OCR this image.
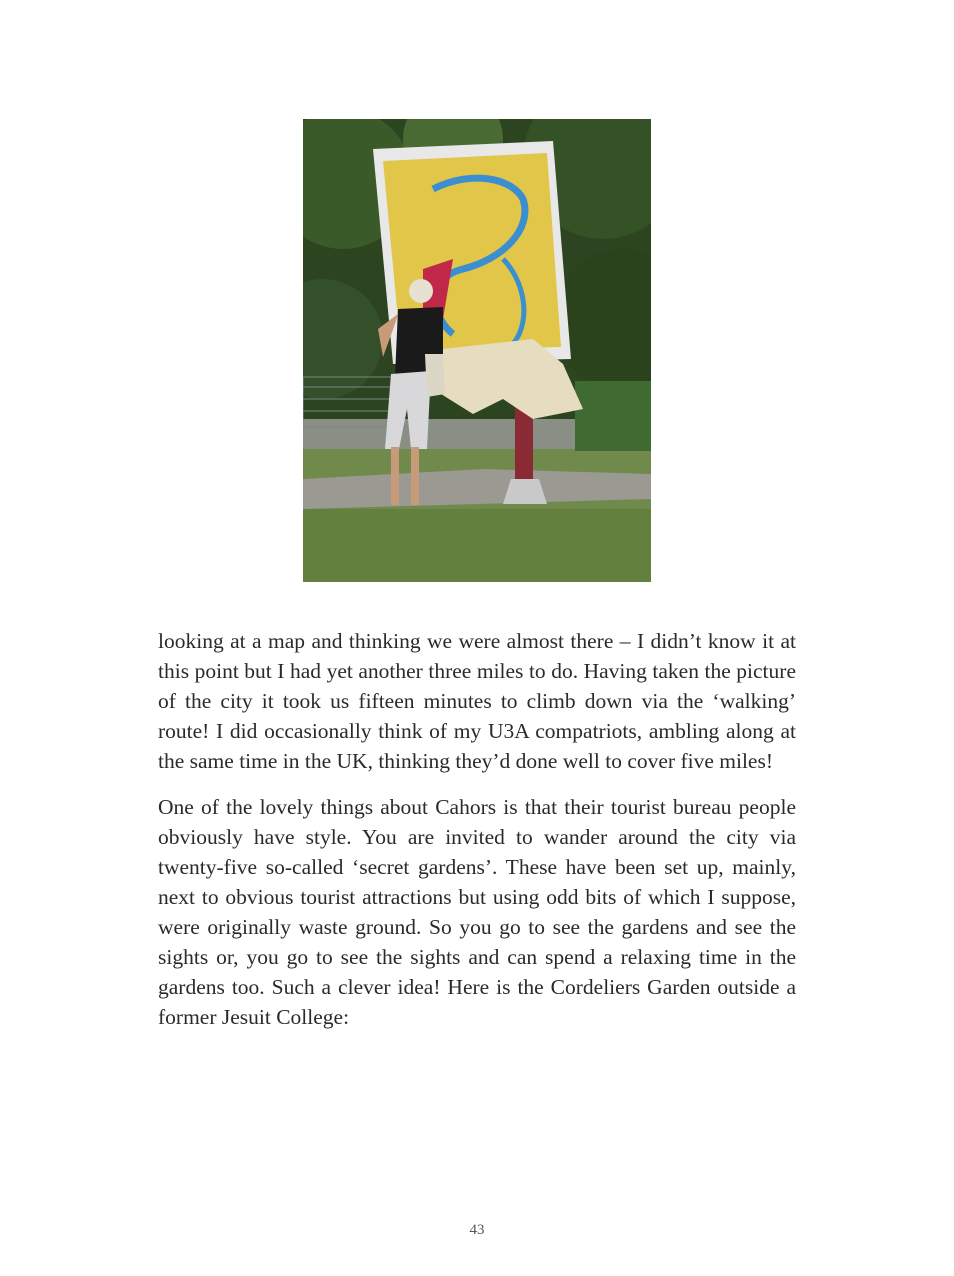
looking at a map and thinking we were almost there – I didn’t know it at this point but I had yet another three miles to do. Having taken the picture of the city it took us fifteen minutes to climb down via the ‘walking’ route! I did occasionally think of my U3A compatriots, ambling along at the same time in the UK, thinking they’d done well to cover five miles!

One of the lovely things about Cahors is that their tourist bureau people obviously have style. You are invited to wander around the city via twenty-five so-called ‘secret gardens’. These have been set up, mainly, next to obvious tourist attractions but using odd bits of which I suppose, were originally waste ground. So you go to see the gardens and see the sights or, you go to see the sights and can spend a relaxing time in the gardens too. Such a clever idea! Here is the Cordeliers Garden outside a former Jesuit College:

43
